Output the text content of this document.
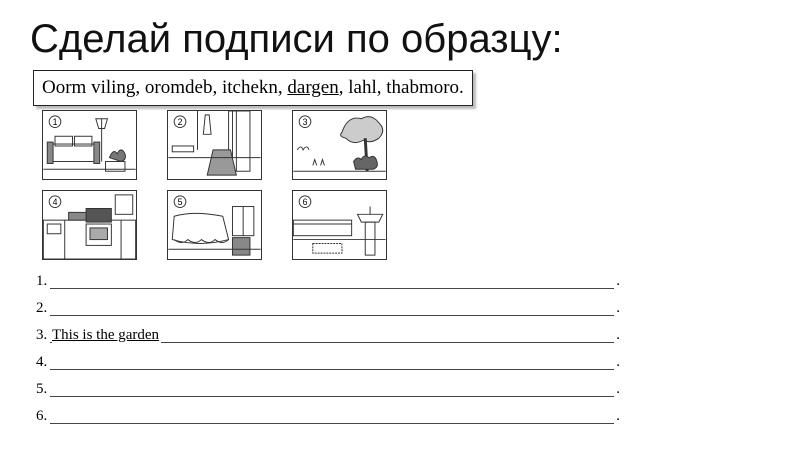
Сделай подписи по образцу:
Oorm viling, oromdeb, itchekn, dargen, lahl, thabmoro.
1	2	3
4	5	6
1.	.
2.	.
3. This is the garden	.
4.	.
5.	.
6.	.
